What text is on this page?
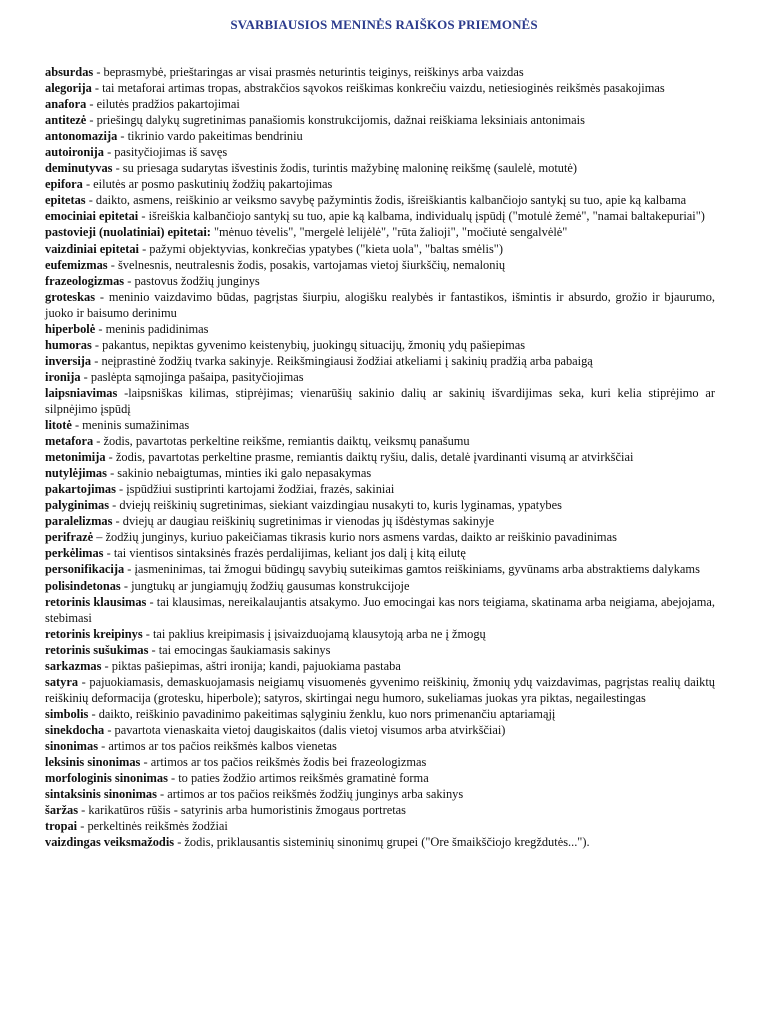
SVARBIAUSIOS MENINĖS RAIŠKOS PRIEMONĖS
absurdas - beprasmybė, prieštaringas ar visai prasmės neturintis teiginys, reiškinys arba vaizdas
alegorija - tai metaforai artimas tropas, abstrakčios sąvokos reiškimas konkrečiu vaizdu, netiesioginės reikšmės pasakojimas
anafora - eilutės pradžios pakartojimai
antitezė - priešingų dalykų sugretinimas panašiomis konstrukcijomis, dažnai reiškiama leksiniais antonimais
antonomazija - tikrinio vardo pakeitimas bendriniu
autoironija - pasityčiojimas iš savęs
deminutyvas - su priesaga sudarytas išvestinis žodis, turintis mažybinę maloninę reikšmę (saulelė, motutė)
epifora - eilutės ar posmo paskutinių žodžių pakartojimas
epitetas - daikto, asmens, reiškinio ar veiksmo savybę pažymintis žodis, išreiškiantis kalbančiojo santykį su tuo, apie ką kalbama
emociniai epitetai - išreiškia kalbančiojo santykį su tuo, apie ką kalbama, individualų įspūdį ("motulė žemė", "namai baltakepuriai")
pastovieji (nuolatiniai) epitetai: "mėnuo tėvelis", "mergelė lelijėlė", "rūta žalioji", "močiutė sengalvėlė"
vaizdiniai epitetai - pažymi objektyvias, konkrečias ypatybes ("kieta uola", "baltas smėlis")
eufemizmas - švelnesnis, neutralesnis žodis, posakis, vartojamas vietoj šiurkščių, nemalonių
frazeologizmas - pastovus žodžių junginys
groteskas - meninio vaizdavimo būdas, pagrįstas šiurpiu, alogišku realybės ir fantastikos, išmintis ir absurdo, grožio ir bjaurumo, juoko ir baisumo derinimu
hiperbolė - meninis padidinimas
humoras - pakantus, nepiktas gyvenimo keistenybių, juokingų situacijų, žmonių ydų pašiepimas
inversija - neįprastinė žodžių tvarka sakinyje. Reikšmingiausi žodžiai atkeliami į sakinių pradžią arba pabaigą
ironija - paslėpta sąmojinga pašaipa, pasityčiojimas
laipsniavimas -laipsniškas kilimas, stiprėjimas; vienarūšių sakinio dalių ar sakinių išvardijimas seka, kuri kelia stiprėjimo ar silpnėjimo įspūdį
litotė - meninis sumažinimas
metafora - žodis, pavartotas perkeltine reikšme, remiantis daiktų, veiksmų panašumu
metonimija - žodis, pavartotas perkeltine prasme, remiantis daiktų ryšiu, dalis, detalė įvardinanti visumą ar atvirkščiai
nutylėjimas - sakinio nebaigtumas, minties iki galo nepasakymas
pakartojimas - įspūdžiui sustiprinti kartojami žodžiai, frazės, sakiniai
palyginimas - dviejų reiškinių sugretinimas, siekiant vaizdingiau nusakyti to, kuris lyginamas, ypatybes
paralelizmas - dviejų ar daugiau reiškinių sugretinimas ir vienodas jų išdėstymas sakinyje
perifrazė – žodžių junginys, kuriuo pakeičiamas tikrasis kurio nors asmens vardas, daikto ar reiškinio pavadinimas
perkėlimas - tai vientisos sintaksinės frazės perdalijimas, keliant jos dalį į kitą eilutę
personifikacija - įasmeninimas, tai žmogui būdingų savybių suteikimas gamtos reiškiniams, gyvūnams arba abstraktiems dalykams
polisindetonas - jungtukų ar jungiamųjų žodžių gausumas konstrukcijoje
retorinis klausimas - tai klausimas, nereikalaujantis atsakymo. Juo emocingai kas nors teigiama, skatinama arba neigiama, abejojama, stebimasi
retorinis kreipinys - tai paklius kreipimasis į įsivaizduojamą klausytoją arba ne į žmogų
retorinis sušukimas - tai emocingas šaukiamasis sakinys
sarkazmas - piktas pašiepimas, aštri ironija; kandi, pajuokiama pastaba
satyra - pajuokiamasis, demaskuojamasis neigiamų visuomenės gyvenimo reiškinių, žmonių ydų vaizdavimas, pagrįstas realių daiktų reiškinių deformacija (grotesku, hiperbole); satyros, skirtingai negu humoro, sukeliamas juokas yra piktas, negailestingas
simbolis - daikto, reiškinio pavadinimo pakeitimas sąlyginiu ženklu, kuo nors primenančiu aptariamąjį
sinekdocha - pavartota vienaskaita vietoj daugiskaitos (dalis vietoj visumos arba atvirkščiai)
sinonimas - artimos ar tos pačios reikšmės kalbos vienetas
leksinis sinonimas - artimos ar tos pačios reikšmės žodis bei frazeologizmas
morfologinis sinonimas - to paties žodžio artimos reikšmės gramatinė forma
sintaksinis sinonimas - artimos ar tos pačios reikšmės žodžių junginys arba sakinys
šaržas - karikatūros rūšis - satyrinis arba humoristinis žmogaus portretas
tropai - perkeltinės reikšmės žodžiai
vaizdingas veiksmažodis - žodis, priklausantis sisteminių sinonimų grupei ("Ore šmaikščiojo kregždutės...").
